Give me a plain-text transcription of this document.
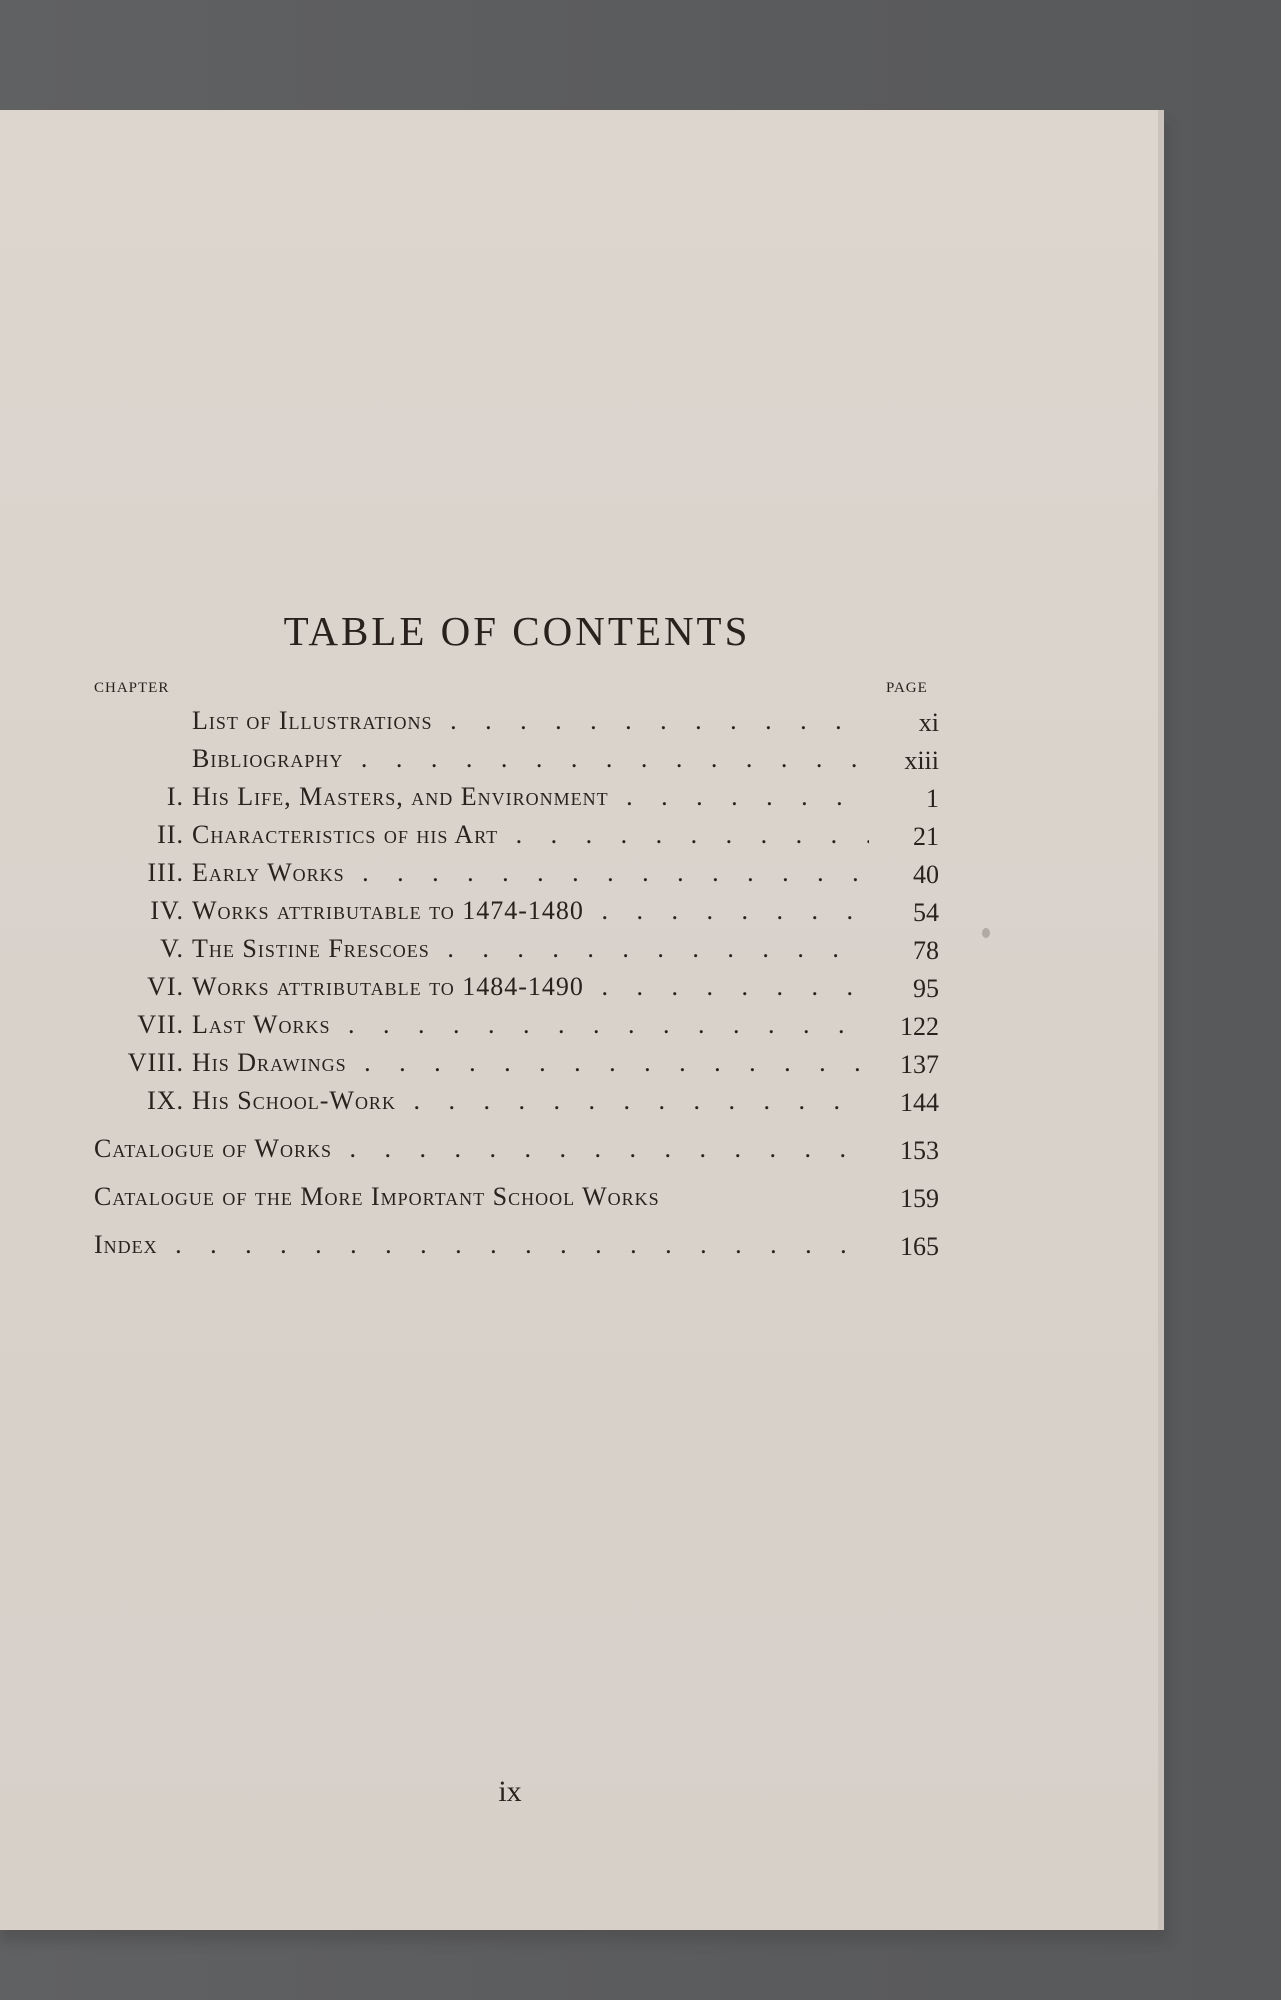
TABLE OF CONTENTS
CHAPTER	PAGE
List of Illustrations . . .	xi
Bibliography . . .	xiii
I. His Life, Masters, and Environment . . .	1
II. Characteristics of his Art . . .	21
III. Early Works . . .	40
IV. Works attributable to 1474-1480 . . .	54
V. The Sistine Frescoes . . .	78
VI. Works attributable to 1484-1490 . . .	95
VII. Last Works . . .	122
VIII. His Drawings . . .	137
IX. His School-Work . . .	144
Catalogue of Works . . .	153
Catalogue of the More Important School Works	159
Index . . .	165
ix
